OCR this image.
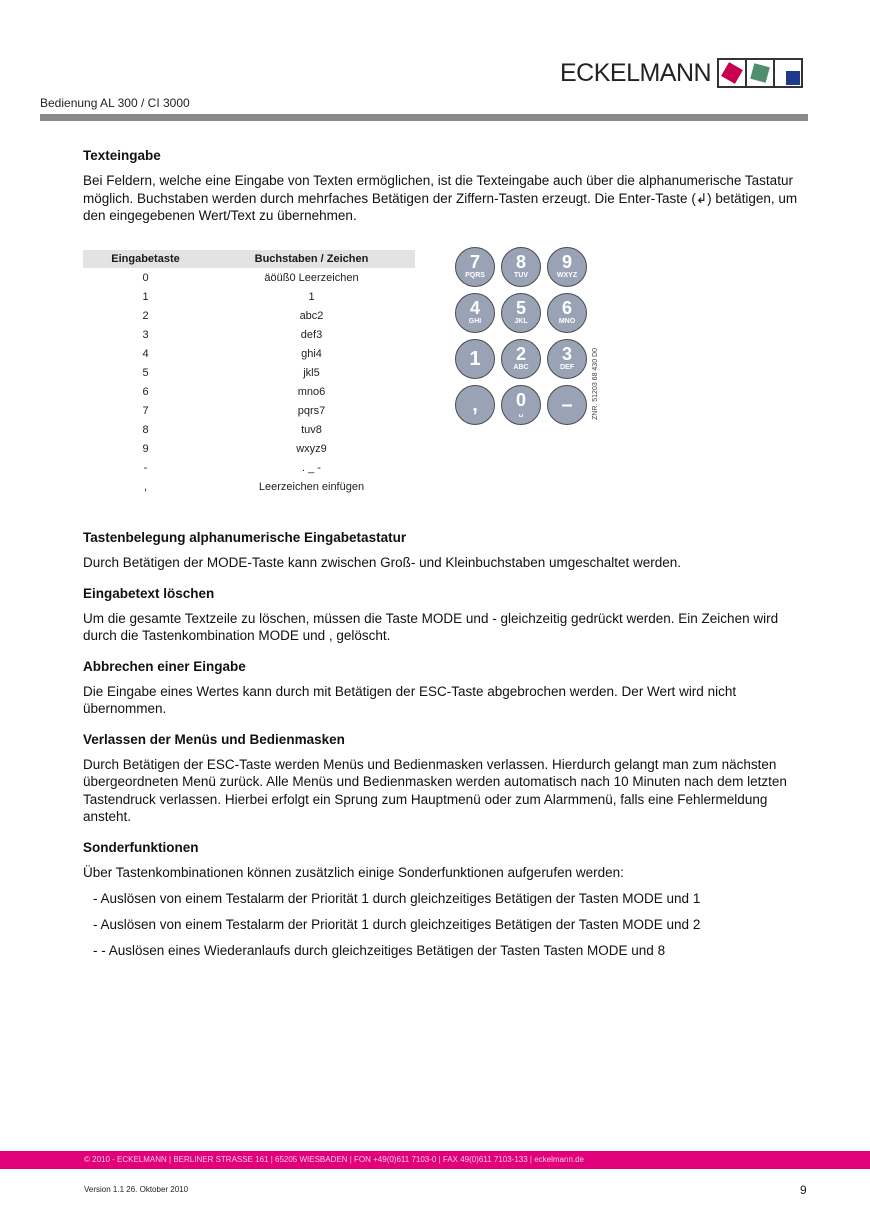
ECKELMANN
Bedienung AL 300 / CI 3000
Texteingabe

Bei Feldern, welche eine Eingabe von Texten ermöglichen, ist die Texteingabe auch über die alphanumerische Tastatur möglich. Buchstaben werden durch mehrfaches Betätigen der Ziffern-Tasten erzeugt. Die Enter-Taste (↲) betätigen, um den eingegebenen Wert/Text zu übernehmen.

Eingabetaste	Buchstaben / Zeichen
0	äöüß0 Leerzeichen
1	1
2	abc2
3	def3
4	ghi4
5	jkl5
6	mno6
7	pqrs7
8	tuv8
9	wxyz9
-	. _ -
,	Leerzeichen einfügen
7
PQRS
8
TUV
9
WXYZ
4
GHI
5
JKL
6
MNO
1 2
ABC
3
DEF
, 0
␣ –	ZNR. 51203 68 430 D0
Tastenbelegung alphanumerische Eingabetastatur

Durch Betätigen der MODE-Taste kann zwischen Groß- und Kleinbuchstaben umgeschaltet werden.

Eingabetext löschen

Um die gesamte Textzeile zu löschen, müssen die Taste MODE und - gleichzeitig gedrückt werden. Ein Zeichen wird durch die Tastenkombination MODE und , gelöscht.

Abbrechen einer Eingabe

Die Eingabe eines Wertes kann durch mit Betätigen der ESC-Taste abgebrochen werden. Der Wert wird nicht übernommen.

Verlassen der Menüs und Bedienmasken

Durch Betätigen der ESC-Taste werden Menüs und Bedienmasken verlassen. Hierdurch gelangt man zum nächsten übergeordneten Menü zurück. Alle Menüs und Bedienmasken werden automatisch nach 10 Minuten nach dem letzten Tastendruck verlassen. Hierbei erfolgt ein Sprung zum Hauptmenü oder zum Alarmmenü, falls eine Fehlermeldung ansteht.

Sonderfunktionen

Über Tastenkombinationen können zusätzlich einige Sonderfunktionen aufgerufen werden:

- Auslösen von einem Testalarm der Priorität 1 durch gleichzeitiges Betätigen der Tasten MODE und 1
- Auslösen von einem Testalarm der Priorität 1 durch gleichzeitiges Betätigen der Tasten MODE und 2
- - Auslösen eines Wiederanlaufs durch gleichzeitiges Betätigen der Tasten Tasten MODE und 8
© 2010 - ECKELMANN | BERLINER STRASSE 161 | 65205 WIESBADEN | FON +49(0)611 7103-0 | FAX 49(0)611 7103-133 | eckelmann.de
Version 1.1 26. Oktober 2010	9
